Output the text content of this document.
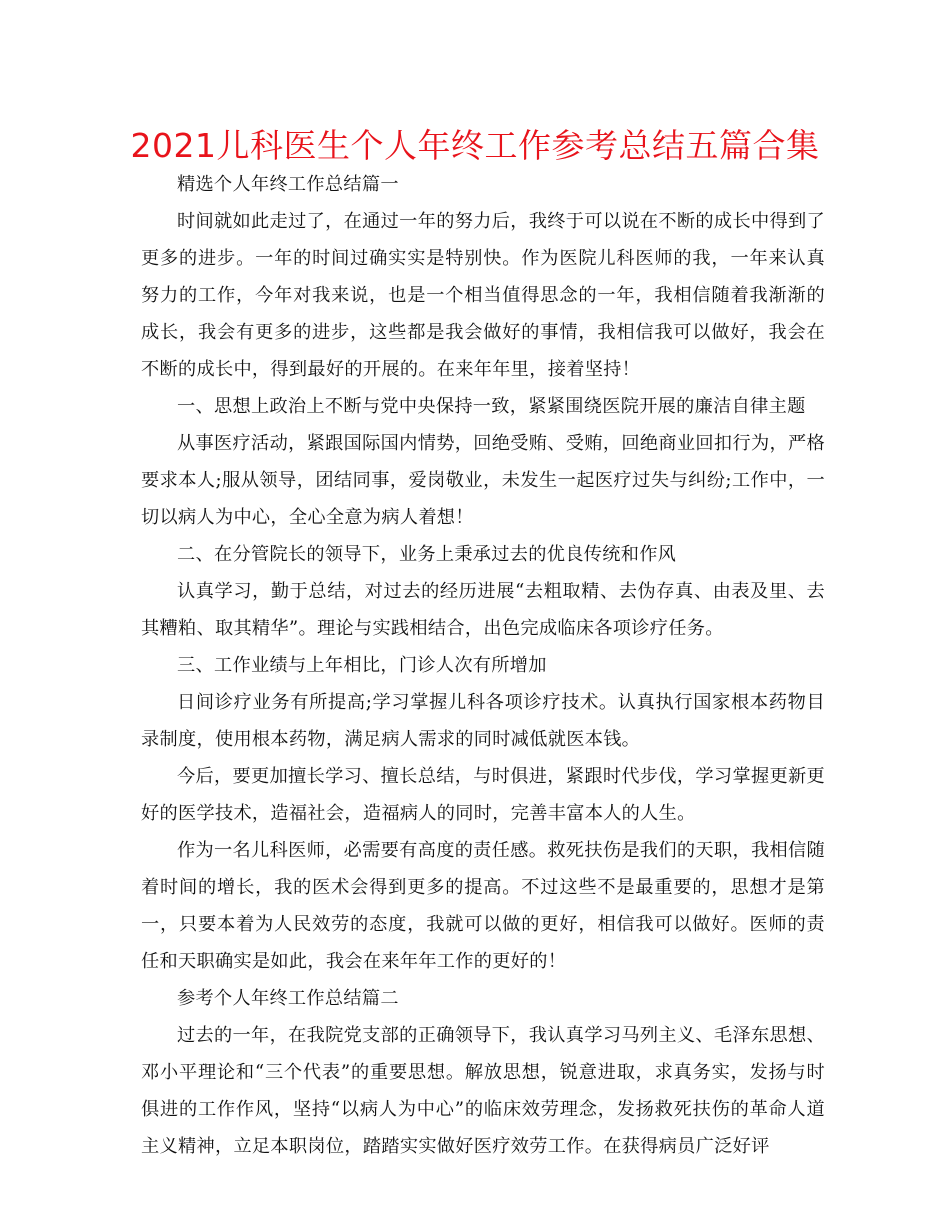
2021儿科医生个人年终工作参考总结五篇合集

精选个人年终工作总结篇一

时间就如此走过了，在通过一年的努力后，我终于可以说在不断的成长中得到了更多的进步。一年的时间过确实实是特别快。作为医院儿科医师的我，一年来认真努力的工作，今年对我来说，也是一个相当值得思念的一年，我相信随着我渐渐的成长，我会有更多的进步，这些都是我会做好的事情，我相信我可以做好，我会在不断的成长中，得到最好的开展的。在来年年里，接着坚持！

一、思想上政治上不断与党中央保持一致，紧紧围绕医院开展的廉洁自律主题

从事医疗活动，紧跟国际国内情势，回绝受贿、受贿，回绝商业回扣行为，严格要求本人;服从领导，团结同事，爱岗敬业，未发生一起医疗过失与纠纷;工作中，一切以病人为中心，全心全意为病人着想！

二、在分管院长的领导下，业务上秉承过去的优良传统和作风

认真学习，勤于总结，对过去的经历进展“去粗取精、去伪存真、由表及里、去其糟粕、取其精华”。理论与实践相结合，出色完成临床各项诊疗任务。

三、工作业绩与上年相比，门诊人次有所增加

日间诊疗业务有所提高;学习掌握儿科各项诊疗技术。认真执行国家根本药物目录制度，使用根本药物，满足病人需求的同时减低就医本钱。

今后，要更加擅长学习、擅长总结，与时俱进，紧跟时代步伐，学习掌握更新更好的医学技术，造福社会，造福病人的同时，完善丰富本人的人生。

作为一名儿科医师，必需要有高度的责任感。救死扶伤是我们的天职，我相信随着时间的增长，我的医术会得到更多的提高。不过这些不是最重要的，思想才是第一，只要本着为人民效劳的态度，我就可以做的更好，相信我可以做好。医师的责任和天职确实是如此，我会在来年年工作的更好的！

参考个人年终工作总结篇二

过去的一年，在我院党支部的正确领导下，我认真学习马列主义、毛泽东思想、邓小平理论和“三个代表”的重要思想。解放思想，锐意进取，求真务实，发扬与时俱进的工作作风，坚持“以病人为中心”的临床效劳理念，发扬救死扶伤的革命人道主义精神，立足本职岗位，踏踏实实做好医疗效劳工作。在获得病员广泛好评
